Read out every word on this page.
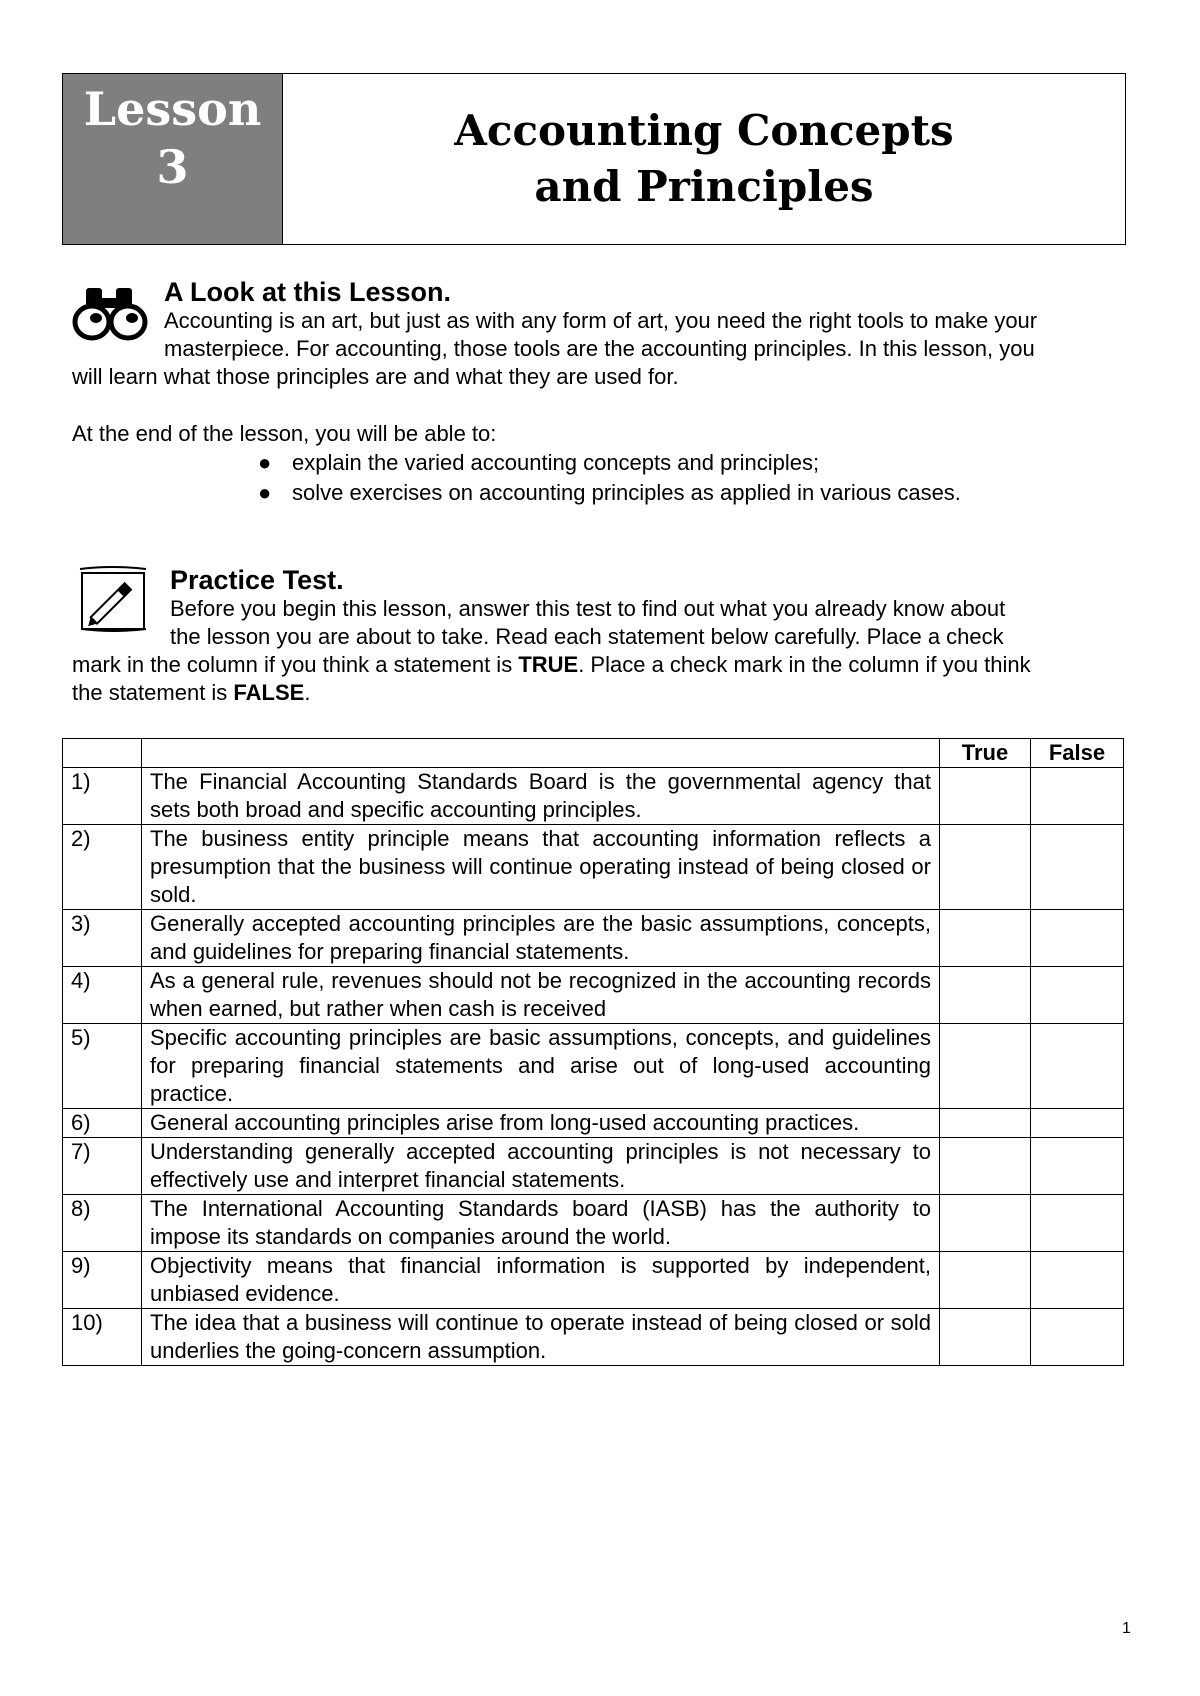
Lesson
3
Accounting Concepts
and Principles

A Look at this Lesson.

Accounting is an art, but just as with any form of art, you need the right tools to make your

masterpiece. For accounting, those tools are the accounting principles. In this lesson, you

will learn what those principles are and what they are used for.

At the end of the lesson, you will be able to:

● explain the varied accounting concepts and principles;
● solve exercises on accounting principles as applied in various cases.

Practice Test.

Before you begin this lesson, answer this test to find out what you already know about

the lesson you are about to take. Read each statement below carefully. Place a check

mark in the column if you think a statement is TRUE. Place a check mark in the column if you think

the statement is FALSE.

		True	False
1)	The Financial Accounting Standards Board is the governmental agency that sets both broad and specific accounting principles.		
2)	The business entity principle means that accounting information reflects a presumption that the business will continue operating instead of being closed or sold.		
3)	Generally accepted accounting principles are the basic assumptions, concepts, and guidelines for preparing financial statements.		
4)	As a general rule, revenues should not be recognized in the accounting records when earned, but rather when cash is received		
5)	Specific accounting principles are basic assumptions, concepts, and guidelines for preparing financial statements and arise out of long-used accounting practice.		
6)	General accounting principles arise from long-used accounting practices.		
7)	Understanding generally accepted accounting principles is not necessary to effectively use and interpret financial statements.		
8)	The International Accounting Standards board (IASB) has the authority to impose its standards on companies around the world.		
9)	Objectivity means that financial information is supported by independent, unbiased evidence.		
10)	The idea that a business will continue to operate instead of being closed or sold underlies the going-concern assumption.		
1
